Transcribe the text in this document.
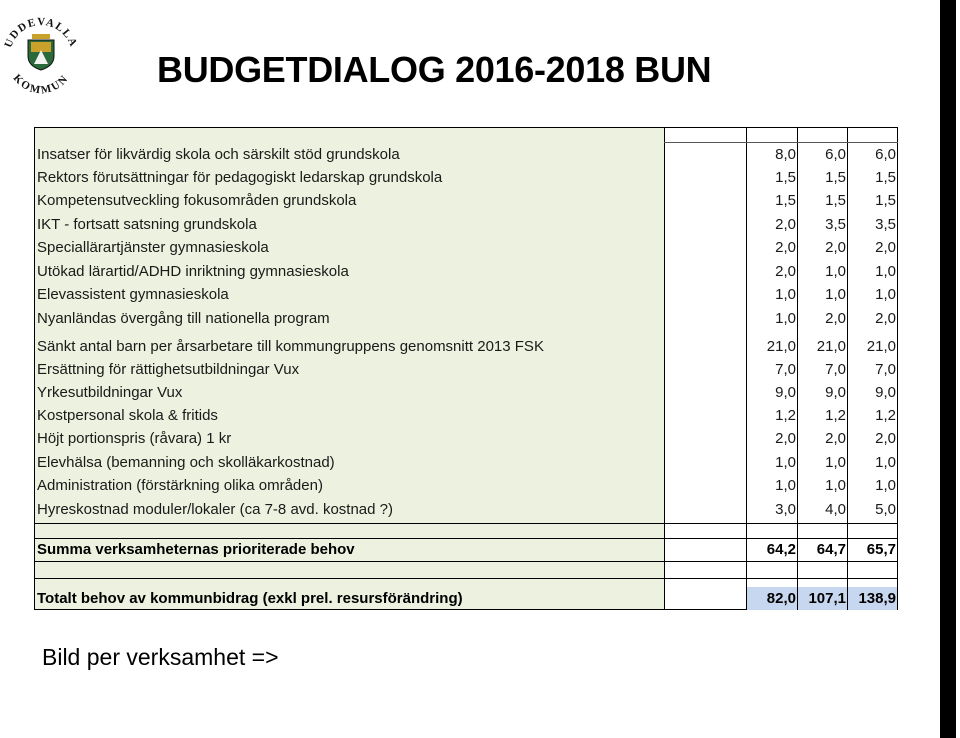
UDDEVALLA
KOMMUN BUDGETDIALOG 2016-2018 BUN
Insatser för likvärdig skola och särskilt stöd grundskola	8,0	6,0	6,0
Rektors förutsättningar för pedagogiskt ledarskap grundskola	1,5	1,5	1,5
Kompetensutveckling fokusområden grundskola	1,5	1,5	1,5
IKT - fortsatt satsning grundskola	2,0	3,5	3,5
Speciallärartjänster gymnasieskola	2,0	2,0	2,0
Utökad lärartid/ADHD inriktning gymnasieskola	2,0	1,0	1,0
Elevassistent gymnasieskola	1,0	1,0	1,0
Nyanländas övergång till nationella program	1,0	2,0	2,0
Sänkt antal barn per årsarbetare till kommungruppens genomsnitt 2013 FSK	21,0	21,0	21,0
Ersättning för rättighetsutbildningar Vux	7,0	7,0	7,0
Yrkesutbildningar Vux	9,0	9,0	9,0
Kostpersonal skola & fritids	1,2	1,2	1,2
Höjt portionspris (råvara) 1 kr	2,0	2,0	2,0
Elevhälsa (bemanning och skolläkarkostnad)	1,0	1,0	1,0
Administration (förstärkning olika områden)	1,0	1,0	1,0
Hyreskostnad moduler/lokaler (ca 7-8 avd. kostnad ?)	3,0	4,0	5,0
Summa verksamheternas prioriterade behov	64,2	64,7	65,7
Totalt behov av kommunbidrag (exkl prel. resursförändring)	82,0 107,1 138,9
Bild per verksamhet =>
